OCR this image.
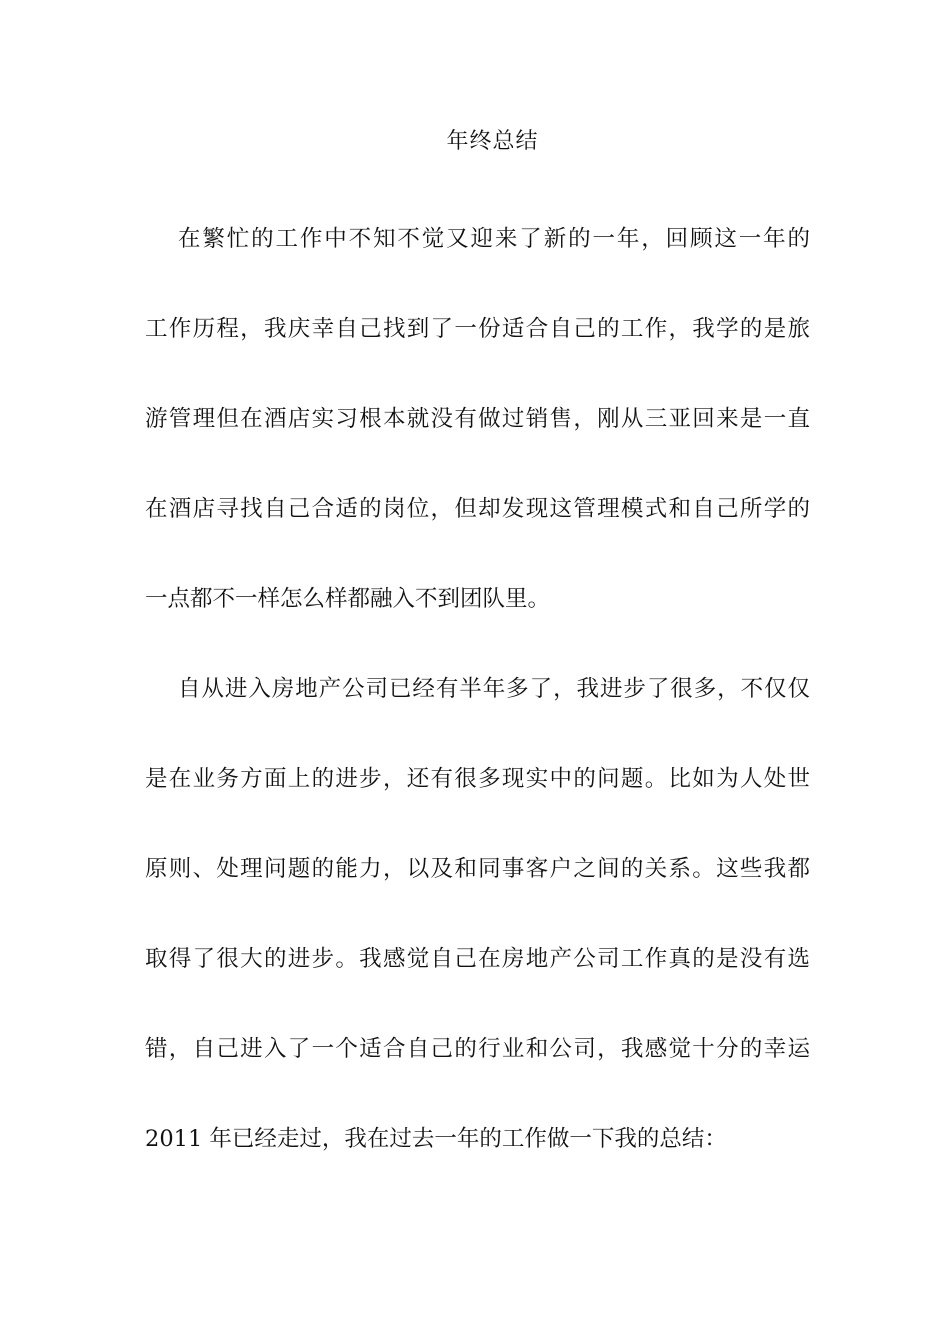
年终总结
在繁忙的工作中不知不觉又迎来了新的一年，回顾这一年的
工作历程，我庆幸自己找到了一份适合自己的工作，我学的是旅
游管理但在酒店实习根本就没有做过销售，刚从三亚回来是一直
在酒店寻找自己合适的岗位，但却发现这管理模式和自己所学的
一点都不一样怎么样都融入不到团队里。
自从进入房地产公司已经有半年多了，我进步了很多，不仅仅
是在业务方面上的进步，还有很多现实中的问题。比如为人处世
原则、处理问题的能力，以及和同事客户之间的关系。这些我都
取得了很大的进步。我感觉自己在房地产公司工作真的是没有选
错，自己进入了一个适合自己的行业和公司，我感觉十分的幸运
2011 年已经走过，我在过去一年的工作做一下我的总结：
